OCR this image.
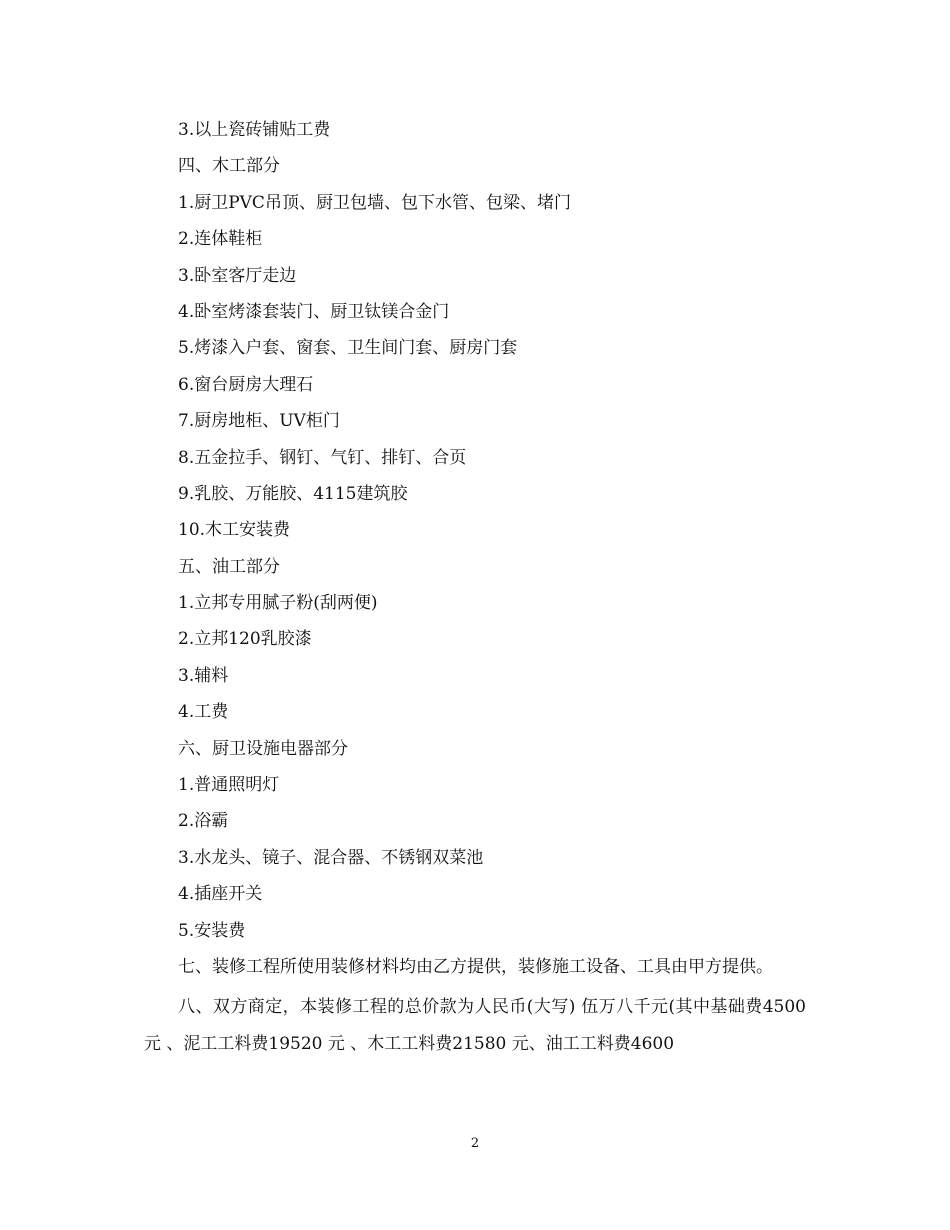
3.以上瓷砖铺贴工费
四、木工部分
1.厨卫PVC吊顶、厨卫包墙、包下水管、包梁、堵门
2.连体鞋柜
3.卧室客厅走边
4.卧室烤漆套装门、厨卫钛镁合金门
5.烤漆入户套、窗套、卫生间门套、厨房门套
6.窗台厨房大理石
7.厨房地柜、UV柜门
8.五金拉手、钢钉、气钉、排钉、合页
9.乳胶、万能胶、4115建筑胶
10.木工安装费
五、油工部分
1.立邦专用腻子粉(刮两便)
2.立邦120乳胶漆
3.辅料
4.工费
六、厨卫设施电器部分
1.普通照明灯
2.浴霸
3.水龙头、镜子、混合器、不锈钢双菜池
4.插座开关
5.安装费

七、装修工程所使用装修材料均由乙方提供，装修施工设备、工具由甲方提供。

八、双方商定，本装修工程的总价款为人民币(大写) 伍万八千元(其中基础费4500元 、泥工工料费19520 元 、木工工料费21580 元、油工工料费4600

2
